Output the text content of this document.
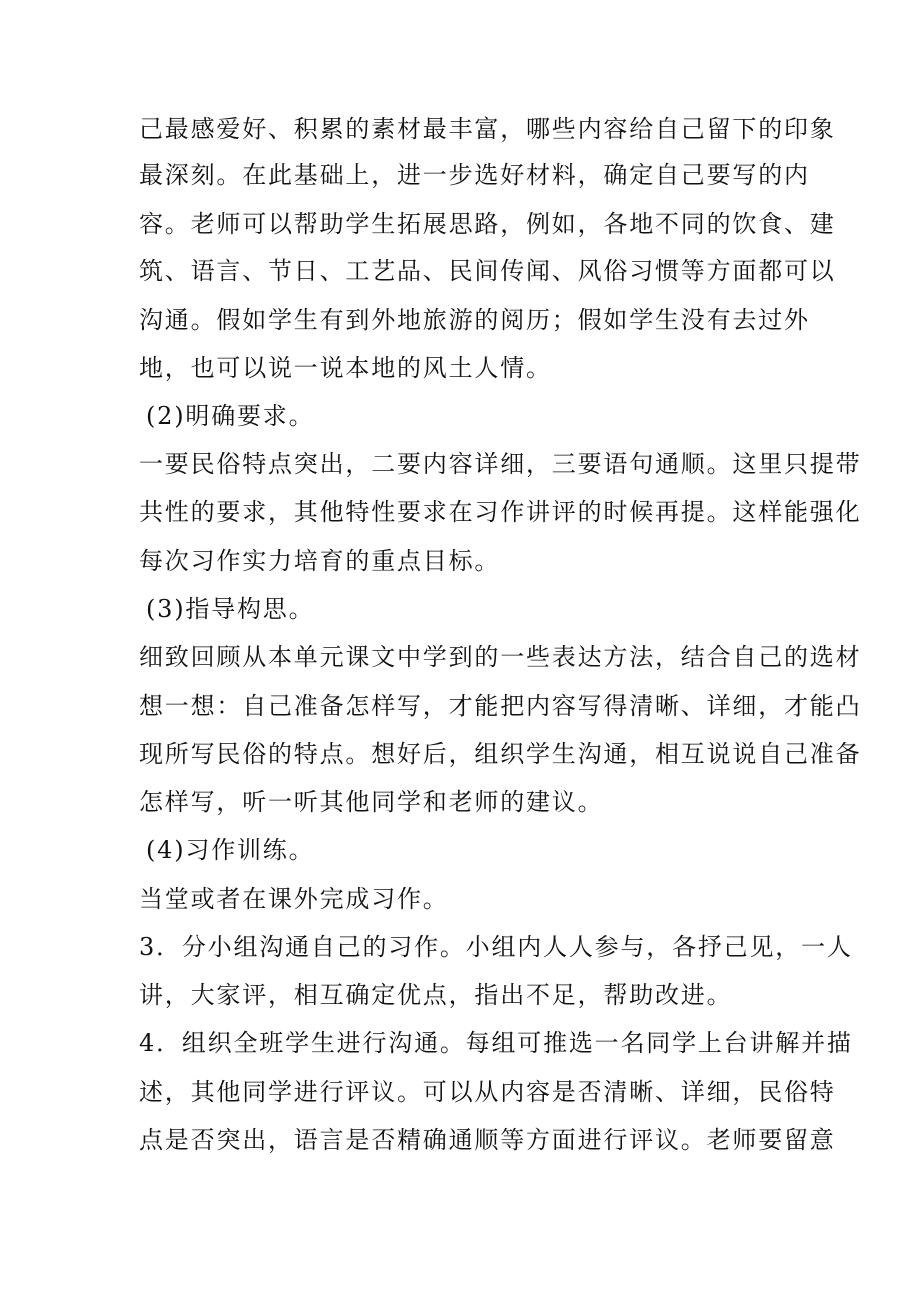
己最感爱好、积累的素材最丰富，哪些内容给自己留下的印象
最深刻。在此基础上，进一步选好材料，确定自己要写的内
容。老师可以帮助学生拓展思路，例如，各地不同的饮食、建
筑、语言、节日、工艺品、民间传闻、风俗习惯等方面都可以
沟通。假如学生有到外地旅游的阅历；假如学生没有去过外
地，也可以说一说本地的风土人情。
(2)明确要求。
一要民俗特点突出，二要内容详细，三要语句通顺。这里只提带
共性的要求，其他特性要求在习作讲评的时候再提。这样能强化
每次习作实力培育的重点目标。
(3)指导构思。
细致回顾从本单元课文中学到的一些表达方法，结合自己的选材
想一想：自己准备怎样写，才能把内容写得清晰、详细，才能凸
现所写民俗的特点。想好后，组织学生沟通，相互说说自己准备
怎样写，听一听其他同学和老师的建议。
(4)习作训练。
当堂或者在课外完成习作。
3．分小组沟通自己的习作。小组内人人参与，各抒己见，一人
讲，大家评，相互确定优点，指出不足，帮助改进。
4．组织全班学生进行沟通。每组可推选一名同学上台讲解并描
述，其他同学进行评议。可以从内容是否清晰、详细，民俗特
点是否突出，语言是否精确通顺等方面进行评议。老师要留意
